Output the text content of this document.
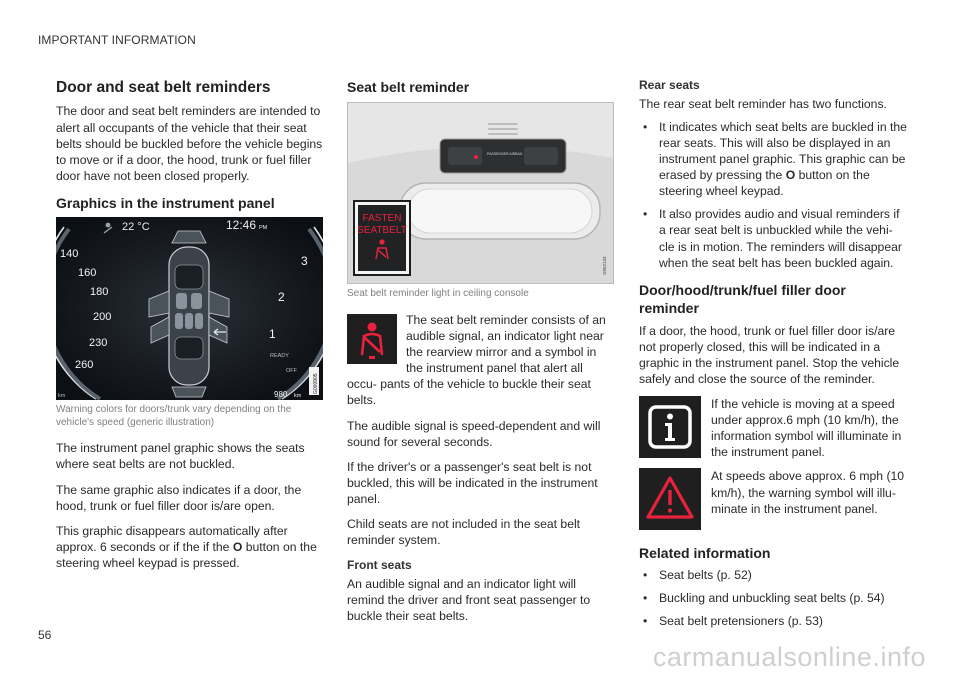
IMPORTANT INFORMATION
Door and seat belt reminders

The door and seat belt reminders are intended to alert all occupants of the vehicle that their seat belts should be buckled before the vehicle begins to move or if a door, the hood, trunk or fuel filler door have not been closed properly.

Graphics in the instrument panel
22 °C	12:46 PM
140
160
180
200
230
260
3
2
1
READY
OFF
980 km
km
G000905
Warning colors for doors/trunk vary depending on the vehicle's speed (generic illustration)

The instrument panel graphic shows the seats where seat belts are not buckled.

The same graphic also indicates if a door, the hood, trunk or fuel filler door is/are open.

This graphic disappears automatically after approx. 6 seconds or if the if the O button on the steering wheel keypad is pressed.

Seat belt reminder
PASSENGER AIRBAG
FASTEN
SEATBELT
G062133
Seat belt reminder light in ceiling console

The seat belt reminder consists of an audible signal, an indicator light near the rearview mirror and a symbol in the instrument panel that alert all occu- pants of the vehicle to buckle their seat belts.

The audible signal is speed-dependent and will sound for several seconds.

If the driver's or a passenger's seat belt is not buckled, this will be indicated in the instrument panel.

Child seats are not included in the seat belt reminder system.

Front seats

An audible signal and an indicator light will remind the driver and front seat passenger to buckle their seat belts.

Rear seats

The rear seat belt reminder has two functions.

• It indicates which seat belts are buckled in the rear seats. This will also be displayed in an instrument panel graphic. This graphic can be erased by pressing the O button on the steering wheel keypad.
• It also provides audio and visual reminders if a rear seat belt is unbuckled while the vehi- cle is in motion. The reminders will disappear when the seat belt has been buckled again.
Door/hood/trunk/fuel filler door reminder

If a door, the hood, trunk or fuel filler door is/are not properly closed, this will be indicated in a graphic in the instrument panel. Stop the vehicle safely and close the source of the reminder.

If the vehicle is moving at a speed under approx.6 mph (10 km/h), the information symbol will illuminate in the instrument panel.
At speeds above approx. 6 mph (10 km/h), the warning symbol will illu- minate in the instrument panel.
Related information
• Seat belts (p. 52)
• Buckling and unbuckling seat belts (p. 54)
• Seat belt pretensioners (p. 53)
56
carmanualsonline.info
